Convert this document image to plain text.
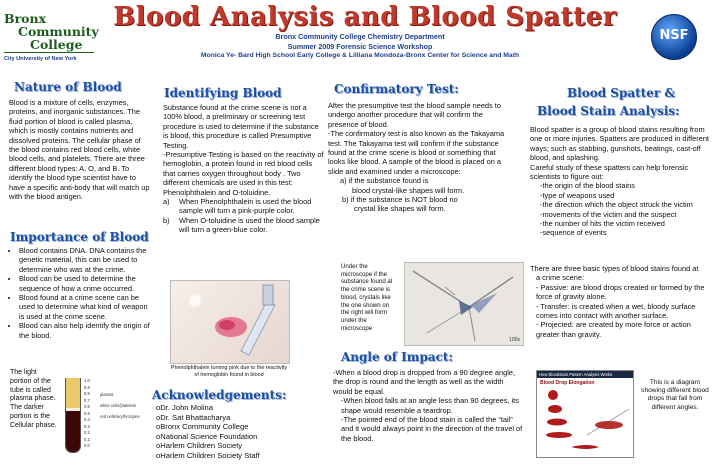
Bronx
Community
College
City University of New York
NSF
Blood Analysis and Blood Spatter
Bronx Community College Chemistry Department
Summer 2009 Forensic Science Workshop
Monica Ye- Bard High School Early College & Lilliana Mondoza-Bronx Center for Science and Math
Nature of Blood
Blood is a mixture of cells, enzymes, proteins, and inorganic substances. The fluid portion of blood is called plasma, which is mostly contains nutrients and dissolved proteins. The cellular phase of the blood contains red blood cells, white blood cells, and platelets. There are three different blood types: A, O, and B. To identify the blood type scientist have to have a specific anti-body that will match up with the blood antigen.
Importance of Blood
• Blood contains DNA. DNA contains the genetic material, this can be used to determine who was at the crime.
• Blood can be used to determine the sequence of how a crime occurred.
• Blood found at a crime scene can be used to determine what kind of weapon is used at the crime scene.
• Blood can also help identify the origin of the blood.
The light portion of the tube is called plasma phase. The darker portion is the Cellular phase.
1.0
0.9
0.8
0.7
0.6
0.5
0.4
0.3
0.2
0.1
0.0
plasma
white cells/platelets
red cells/erythrocytes
Identifying Blood
Substance found at the crime scene is not a 100% blood, a preliminary or screening test procedure is used to determine if the substance is blood, this procedure is called Presumptive Testing.
-Presumptive Testing is based on the reactivity of hemoglobin, a protein found in red blood cells that carries oxygen throughout body . Two different chemicals are used in this test: Phenolphthalein and O-toluidine.
a)	When Phenolphthalein is used the blood sample will turn a pink-purple color.
b)	When O-toluidine is used the blood sample will turn a green-blue color.
Phenolphthalein turning pink due to the reactivity of hemoglobin found in blood
Acknowledgements:
oDr. John Molina
oDr. Sat Bhattacharya
oBronx Community College
oNational Science Foundation
oHarlem Children Society
oHarlem Children Society Staff
Confirmatory Test:
After the presumptive test the blood sample needs to undergo another procedure that will confirm the presence of blood.
-The confirmatory test is also known as the Takayama test. The Takayama test will confirm if the substance found at the crime scene is blood or something that looks like blood. A sample of the blood is placed on a slide and examined under a microscope:
a) if the substance found is
blood crystal-like shapes will form.
b) if the substance is NOT blood no
crystal like shapes will form.
Under the microscope if the substance found at the crime scene is blood, crystals like the one shown on the right will form under the microscope
100x
Angle of Impact:
-When a blood drop is dropped from a 90 degree angle, the drop is round and the length as well as the width would be equal.
-When blood falls at an angle less than 90 degrees, its shape would resemble a teardrop.
-The pointed end of the blood stain is called the “tail” and it would always point in the direction of the travel of the blood.
Blood Spatter &
Blood Stain Analysis:
Blood spatter is a group of blood stains resulting from one or more injuries. Spatters are produced in different ways; such as stabbing, gunshots, beatings, cast-off blood, and splashing.
Careful study of these spatters can help forensic scientists to figure out:
-the origin of the blood stains
-type of weapons used
-the direction which the object struck the victim
-movements of the victim and the suspect
-the number of hits the victim received
-sequence of events
There are three basic types of blood stains found at
a crime scene:
- Passive: are blood drops created or formed by the force of gravity alone.
- Transfer: is created when a wet, bloody surface comes into contact with another surface.
- Projected: are created by more force or action greater than gravity.
How Bloodstain Pattern Analysis Works
Blood Drop Elongation	This is a diagram showing different blood drops that fall from different angles.
